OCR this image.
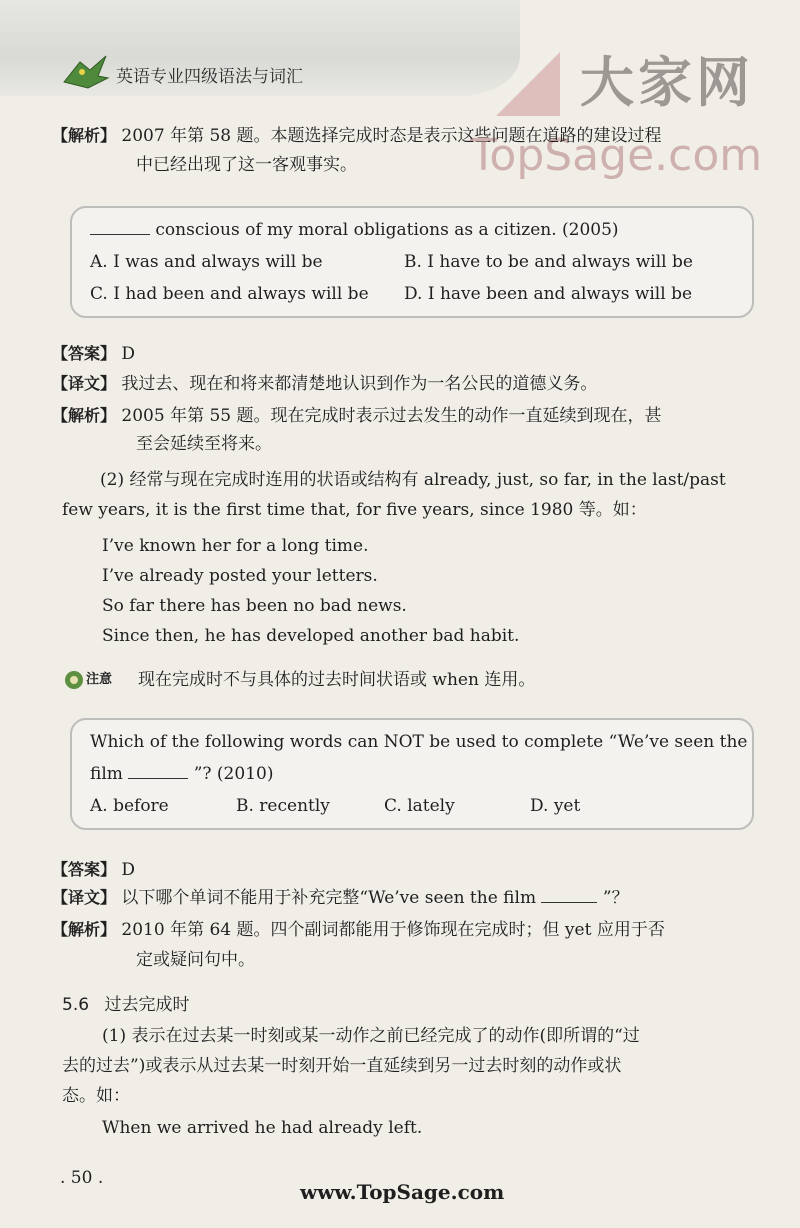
英语专业四级语法与词汇	大家网
TopSage.com
【解析】 2007 年第 58 题。本题选择完成时态是表示这些问题在道路的建设过程
中已经出现了这一客观事实。
conscious of my moral obligations as a citizen. (2005)
A. I was and always will be	B. I have to be and always will be
C. I had been and always will be D. I have been and always will be
【答案】 D
【译文】 我过去、现在和将来都清楚地认识到作为一名公民的道德义务。
【解析】 2005 年第 55 题。现在完成时表示过去发生的动作一直延续到现在，甚
至会延续至将来。
(2) 经常与现在完成时连用的状语或结构有 already, just, so far, in the last/past
few years, it is the first time that, for five years, since 1980 等。如：
I’ve known her for a long time.
I’ve already posted your letters.
So far there has been no bad news.
Since then, he has developed another bad habit.
注意 现在完成时不与具体的过去时间状语或 when 连用。
Which of the following words can NOT be used to complete “We’ve seen the
film	”? (2010)
A. before	B. recently	C. lately	D. yet
【答案】 D
【译文】 以下哪个单词不能用于补充完整“We’ve seen the film	”？
【解析】 2010 年第 64 题。四个副词都能用于修饰现在完成时；但 yet 应用于否
定或疑问句中。
5.6 过去完成时
(1) 表示在过去某一时刻或某一动作之前已经完成了的动作(即所谓的“过
去的过去”)或表示从过去某一时刻开始一直延续到另一过去时刻的动作或状
态。如：
When we arrived he had already left.
. 50 .
www.TopSage.com
